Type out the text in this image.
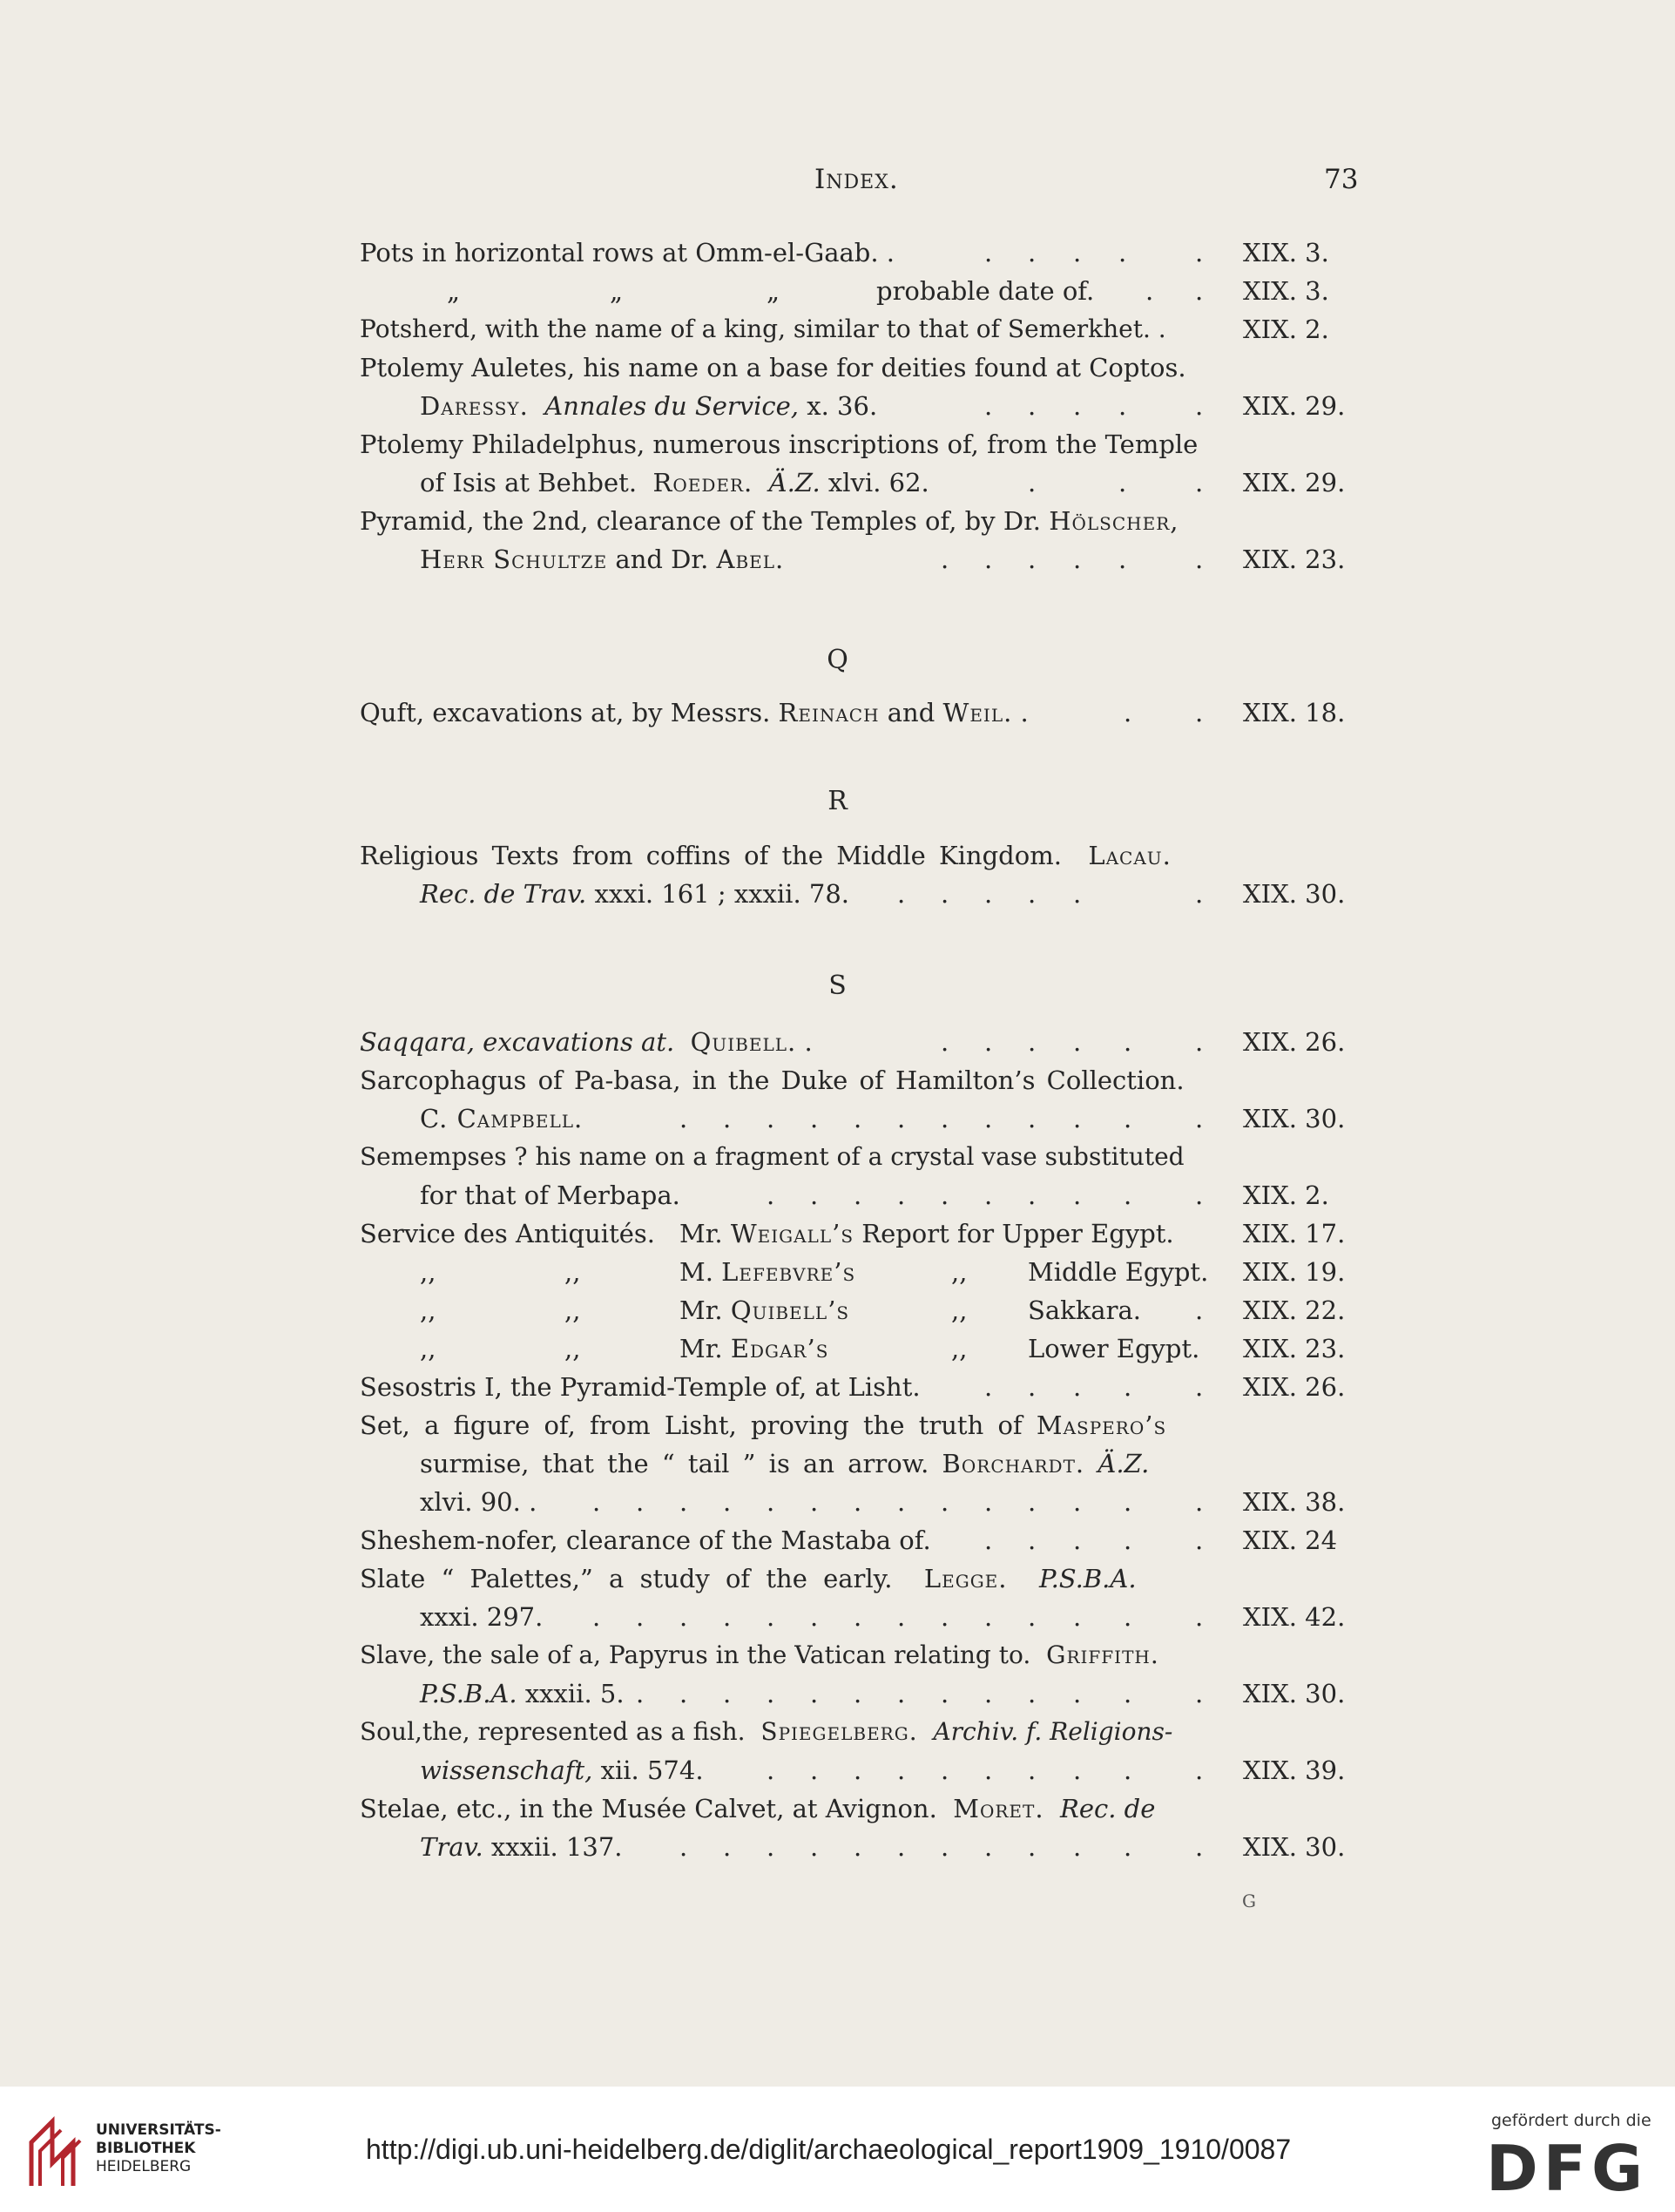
Index.	73
Pots in horizontal rows at Omm-el-Gaab. .	. . . .	. XIX. 3.
„	„	„	probable date of. . . XIX. 3.
Potsherd, with the name of a king, similar to that of Semerkhet. .	XIX. 2.
Ptolemy Auletes, his name on a base for deities found at Coptos.
Daressy. Annales du Service, x. 36.	. . . .	. XIX. 29.
Ptolemy Philadelphus, numerous inscriptions of, from the Temple
of Isis at Behbet. Roeder. Ä.Z. xlvi. 62.	.	.	. XIX. 29.
Pyramid, the 2nd, clearance of the Temples of, by Dr. Hölscher,
Herr Schultze and Dr. Abel.	. . . . .	. XIX. 23.
Q
Quft, excavations at, by Messrs. Reinach and Weil. .	.	. XIX. 18.
R
Religious Texts from coffins of the Middle Kingdom. Lacau.
Rec. de Trav. xxxi. 161 ; xxxii. 78. . . . . .	. XIX. 30.
S
Saqqara, excavations at. Quibell. .	. . . . .	. XIX. 26.
Sarcophagus of Pa-basa, in the Duke of Hamilton’s Collection.
C. Campbell.	. . . . . . . . . . .	. XIX. 30.
Semempses ? his name on a fragment of a crystal vase substituted
for that of Merbapa.	. . . . . . . . .	. XIX. 2.
Service des Antiquités. Mr. Weigall’s Report for Upper Egypt.	XIX. 17.
,,	,,	M. Lefebvre’s	,, Middle Egypt. XIX. 19.
,,	,,	Mr. Quibell’s	,, Sakkara. . XIX. 22.
,,	,,	Mr. Edgar’s	,, Lower Egypt. XIX. 23.
Sesostris I, the Pyramid-Temple of, at Lisht.	. . . .	. XIX. 26.
Set, a figure of, from Lisht, proving the truth of Maspero’s
surmise, that the “ tail ” is an arrow. Borchardt. Ä.Z.
xlvi. 90. . . . . . . . . . . . . . .	. XIX. 38.
Sheshem-nofer, clearance of the Mastaba of. . . . .	. XIX. 24
Slate “ Palettes,” a study of the early. Legge. P.S.B.A.
xxxi. 297. . . . . . . . . . . . . .	. XIX. 42.
Slave, the sale of a, Papyrus in the Vatican relating to. Griffith.
P.S.B.A. xxxii. 5. . . . . . . . . . . . .	. XIX. 30.
Soul,the, represented as a fish. Spiegelberg. Archiv. f. Religions-
wissenschaft, xii. 574. . . . . . . . . .	. XIX. 39.
Stelae, etc., in the Musée Calvet, at Avignon. Moret. Rec. de
Trav. xxxii. 137. . . . . . . . . . . .	. XIX. 30.
G
UNIVERSITÄTS-
BIBLIOTHEK
HEIDELBERG
http://digi.ub.uni-heidelberg.de/diglit/archaeological_report1909_1910/0087
gefördert durch die
DFG
